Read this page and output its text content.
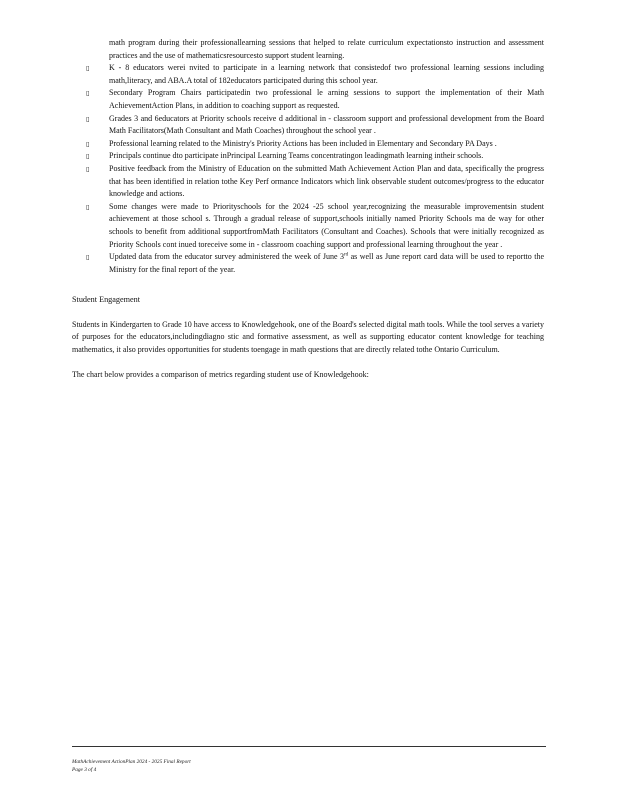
math program during their professionallearning sessions that helped to relate curriculum expectationsto instruction and assessment practices and the use of mathematicsresourcesto support student learning.
▯ K - 8 educators werei nvited to participate in a learning network that consistedof two professional learning sessions including math,literacy, and ABA.A total of 182educators participated during this school year.
▯ Secondary Program Chairs participatedin two professional le arning sessions to support the implementation of their Math AchievementAction Plans, in addition to coaching support as requested.
▯ Grades 3 and 6educators at Priority schools receive d additional in - classroom support and professional development from the Board Math Facilitators(Math Consultant and Math Coaches) throughout the school year .
▯ Professional learning related to the Ministry's Priority Actions has been included in Elementary and Secondary PA Days .
▯ Principals continue dto participate inPrincipal Learning Teams concentratingon leadingmath learning intheir schools.
▯ Positive feedback from the Ministry of Education on the submitted Math Achievement Action Plan and data, specifically the progress that has been identified in relation tothe Key Perf ormance Indicators which link observable student outcomes/progress to the educator knowledge and actions.
▯ Some changes were made to Priorityschools for the 2024 -25 school year,recognizing the measurable improvementsin student achievement at those school s. Through a gradual release of support,schools initially named Priority Schools ma de way for other schools to benefit from additional supportfromMath Facilitators (Consultant and Coaches). Schools that were initially recognized as Priority Schools cont inued toreceive some in - classroom coaching support and professional learning throughout the year .
▯ Updated data from the educator survey administered the week of June 3rd as well as June report card data will be used to reportto the Ministry for the final report of the year.
Student Engagement
Students in Kindergarten to Grade 10 have access to Knowledgehook, one of the Board's selected digital math tools. While the tool serves a variety of purposes for the educators,includingdiagno stic and formative assessment, as well as supporting educator content knowledge for teaching mathematics, it also provides opportunities for students toengage in math questions that are directly related tothe Ontario Curriculum.
The chart below provides a comparison of metrics regarding student use of Knowledgehook:
MathAchievement ActionPlan 2024 - 2025 Final Report
Page 3 of 4
